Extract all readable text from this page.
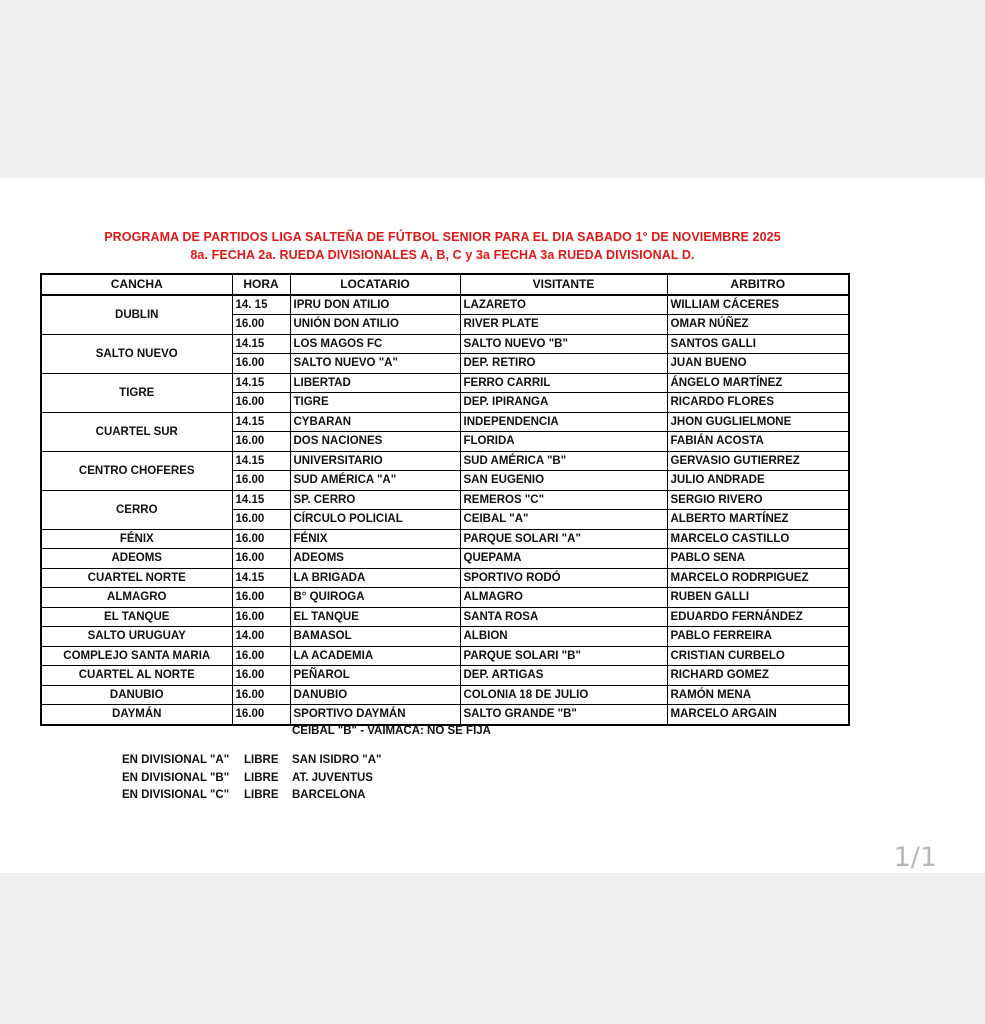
PROGRAMA DE PARTIDOS LIGA SALTEÑA DE FÚTBOL SENIOR PARA EL DIA SABADO 1° DE NOVIEMBRE 2025
8a. FECHA 2a. RUEDA DIVISIONALES A, B, C y 3a FECHA 3a RUEDA DIVISIONAL D.
CANCHA	HORA	LOCATARIO	VISITANTE	ARBITRO
DUBLIN	14. 15	IPRU DON ATILIO	LAZARETO	WILLIAM CÁCERES
	16.00	UNIÓN DON ATILIO	RIVER PLATE	OMAR NÚÑEZ
SALTO NUEVO	14.15	LOS MAGOS FC	SALTO NUEVO "B"	SANTOS GALLI
	16.00	SALTO NUEVO "A"	DEP. RETIRO	JUAN BUENO
TIGRE	14.15	LIBERTAD	FERRO CARRIL	ÁNGELO MARTÍNEZ
	16.00	TIGRE	DEP. IPIRANGA	RICARDO FLORES
CUARTEL SUR	14.15	CYBARAN	INDEPENDENCIA	JHON GUGLIELMONE
	16.00	DOS NACIONES	FLORIDA	FABIÁN ACOSTA
CENTRO CHOFERES	14.15	UNIVERSITARIO	SUD AMÉRICA "B"	GERVASIO GUTIERREZ
	16.00	SUD AMÉRICA "A"	SAN EUGENIO	JULIO ANDRADE
CERRO	14.15	SP. CERRO	REMEROS "C"	SERGIO RIVERO
	16.00	CÍRCULO POLICIAL	CEIBAL "A"	ALBERTO MARTÍNEZ
FÉNIX	16.00	FÉNIX	PARQUE SOLARI "A"	MARCELO CASTILLO
ADEOMS	16.00	ADEOMS	QUEPAMA	PABLO SENA
CUARTEL NORTE	14.15	LA BRIGADA	SPORTIVO RODÓ	MARCELO RODRPIGUEZ
ALMAGRO	16.00	B° QUIROGA	ALMAGRO	RUBEN GALLI
EL TANQUE	16.00	EL TANQUE	SANTA ROSA	EDUARDO FERNÁNDEZ
SALTO URUGUAY	14.00	BAMASOL	ALBION	PABLO FERREIRA
COMPLEJO SANTA MARIA	16.00	LA ACADEMIA	PARQUE SOLARI "B"	CRISTIAN CURBELO
CUARTEL AL NORTE	16.00	PEÑAROL	DEP. ARTIGAS	RICHARD GOMEZ
DANUBIO	16.00	DANUBIO	COLONIA 18 DE JULIO	RAMÓN MENA
DAYMÁN	16.00	SPORTIVO DAYMÁN	SALTO GRANDE "B"	MARCELO ARGAIN
CEIBAL "B" - VAIMACA: NO SE FIJA
EN DIVISIONAL "A" LIBRE SAN ISIDRO "A"
EN DIVISIONAL "B" LIBRE AT. JUVENTUS
EN DIVISIONAL "C" LIBRE BARCELONA
1/1
